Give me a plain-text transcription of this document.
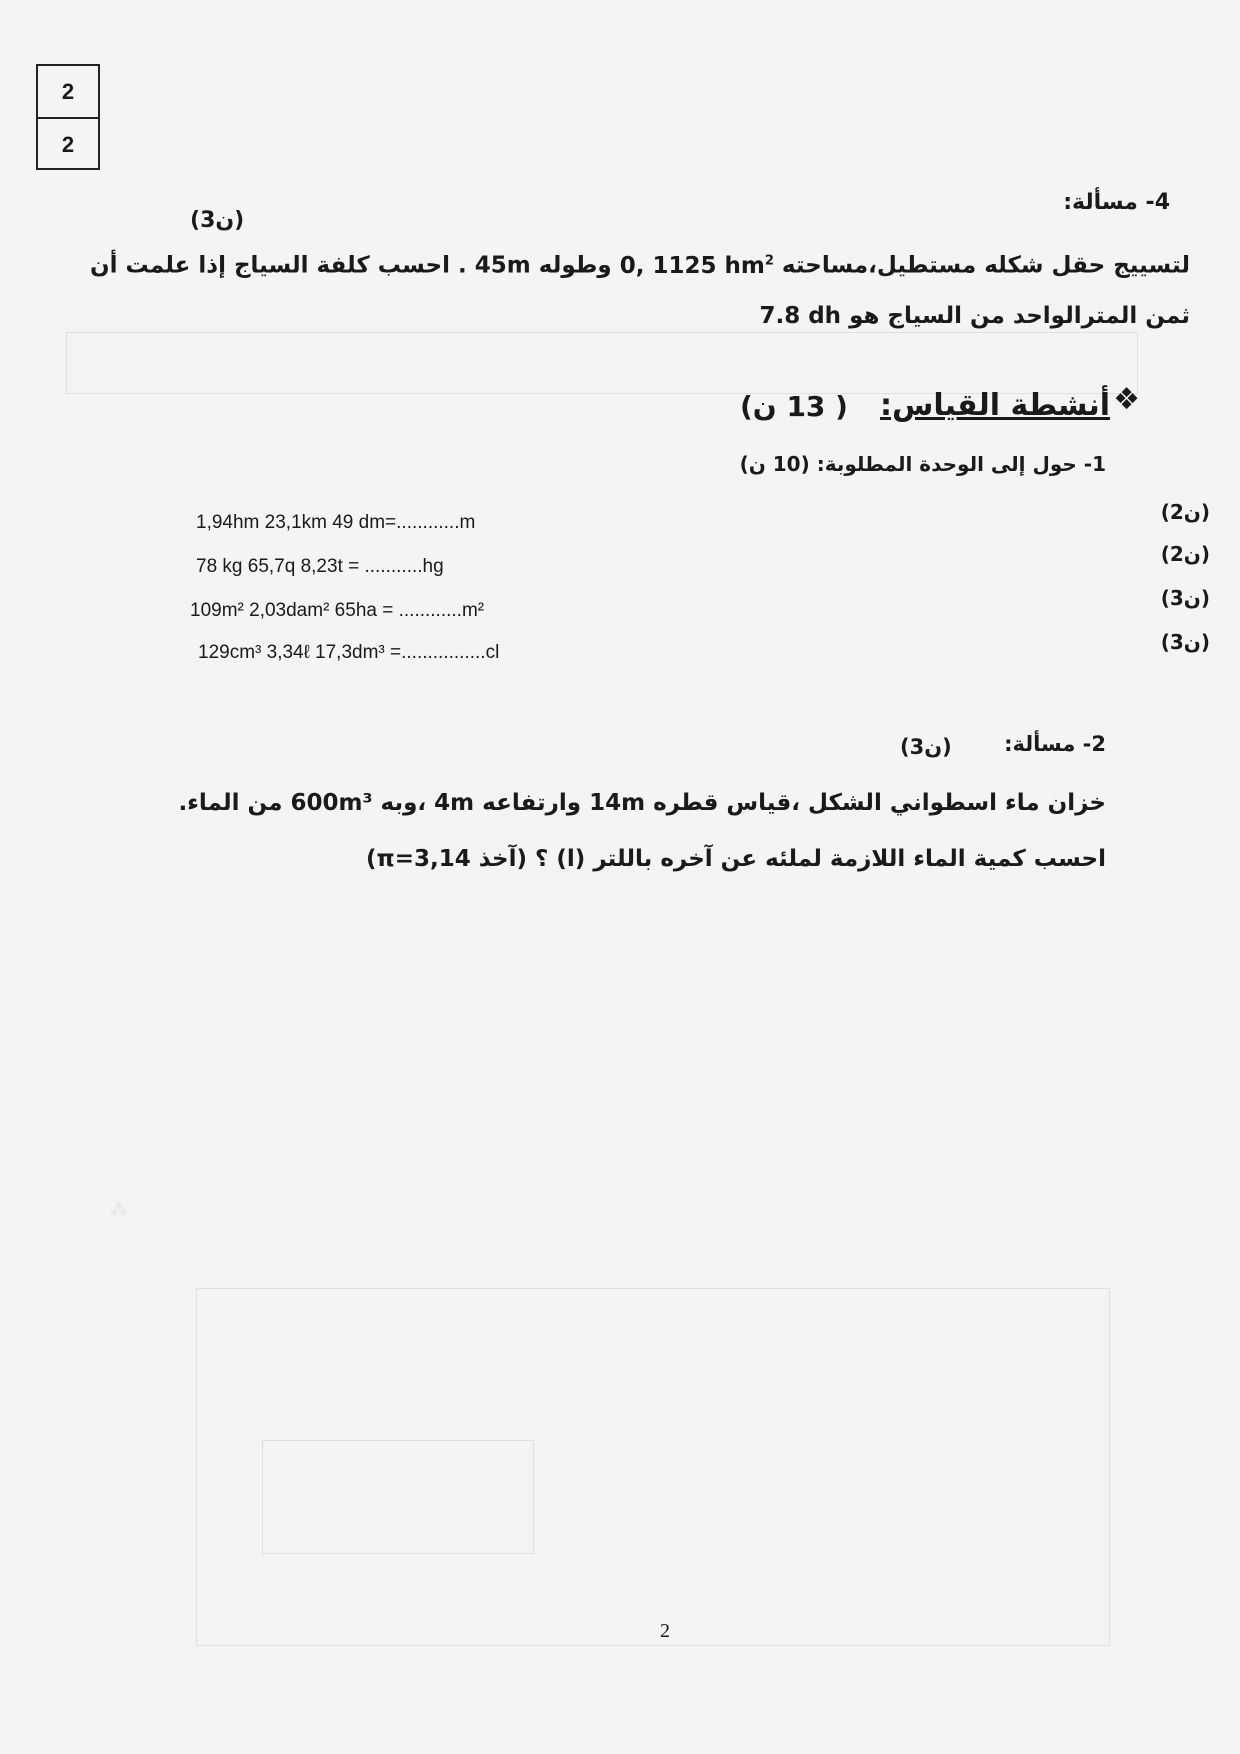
⁂
2
2
4- مسألة:
(ن3)
لتسييج حقل شكله مستطيل،مساحته 0, 1125 $hm^2$ وطوله 45m . احسب كلفة السياج إذا علمت أن
ثمن المترالواحد من السياج هو 7.8 dh
❖
أنشطة القياس:
( 13 ن)
1- حول إلى الوحدة المطلوبة: (10 ن)
1,94hm 23,1km 49 dm=............m	(ن2)
78 kg 65,7q 8,23t = ...........hg
(ن2)
109m² 2,03dam² 65ha = ............m²
(ن3)
129cm³ 3,34ℓ 17,3dm³ =................cl	(ن3)
2- مسألة:
(ن3)
خزان ماء اسطواني الشكل ،قياس قطره 14m وارتفاعه 4m ،وبه 600m³ من الماء.
احسب كمية الماء اللازمة لملئه عن آخره باللتر (l) ؟ (آخذ π=3,14)
2
